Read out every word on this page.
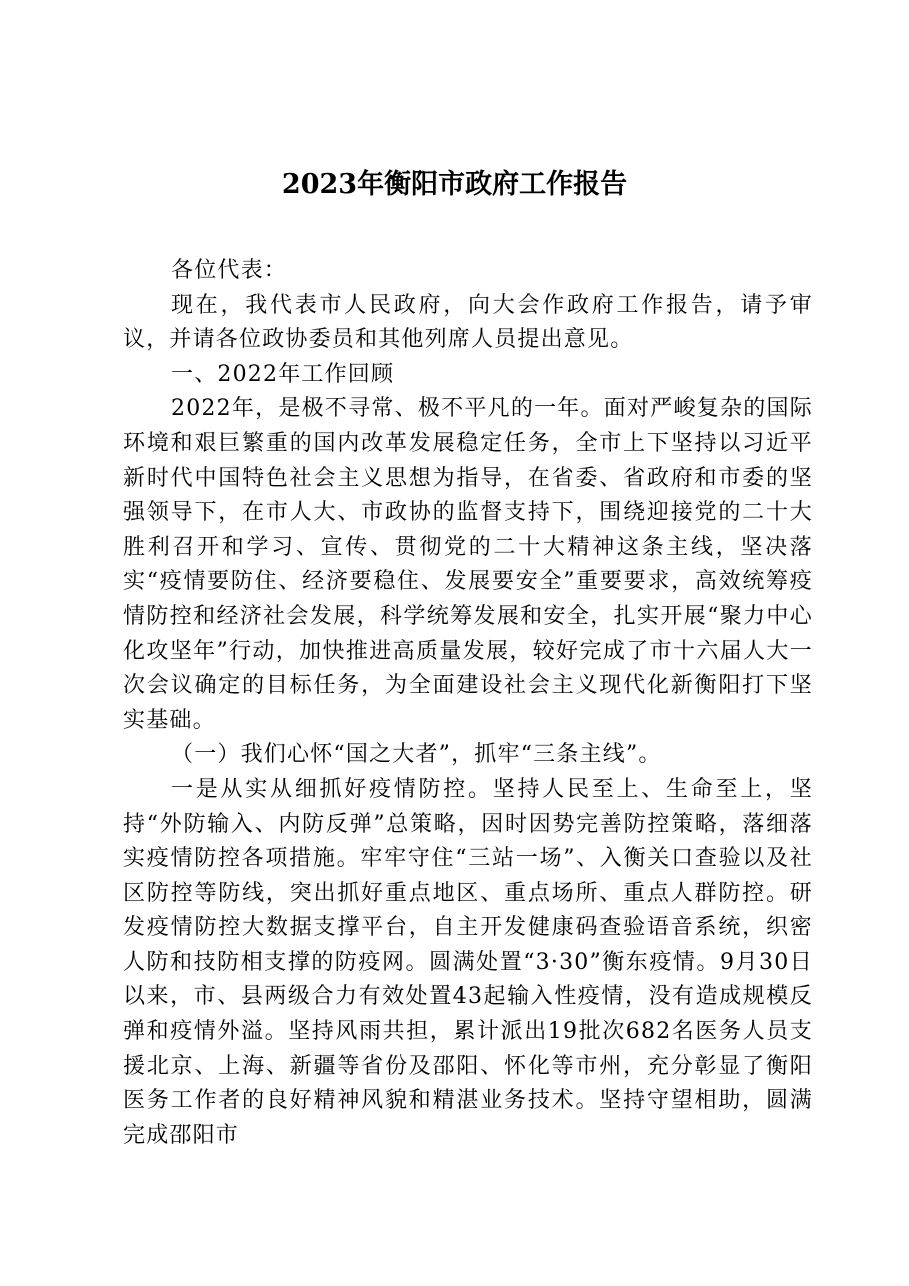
2023年衡阳市政府工作报告

各位代表：

现在，我代表市人民政府，向大会作政府工作报告，请予审议，并请各位政协委员和其他列席人员提出意见。

一、2022年工作回顾

2022年，是极不寻常、极不平凡的一年。面对严峻复杂的国际环境和艰巨繁重的国内改革发展稳定任务，全市上下坚持以习近平新时代中国特色社会主义思想为指导，在省委、省政府和市委的坚强领导下，在市人大、市政协的监督支持下，围绕迎接党的二十大胜利召开和学习、宣传、贯彻党的二十大精神这条主线，坚决落实“疫情要防住、经济要稳住、发展要安全”重要要求，高效统筹疫情防控和经济社会发展，科学统筹发展和安全，扎实开展“聚力中心化攻坚年”行动，加快推进高质量发展，较好完成了市十六届人大一次会议确定的目标任务，为全面建设社会主义现代化新衡阳打下坚实基础。

（一）我们心怀“国之大者”，抓牢“三条主线”。

一是从实从细抓好疫情防控。坚持人民至上、生命至上，坚持“外防输入、内防反弹”总策略，因时因势完善防控策略，落细落实疫情防控各项措施。牢牢守住“三站一场”、入衡关口查验以及社区防控等防线，突出抓好重点地区、重点场所、重点人群防控。研发疫情防控大数据支撑平台，自主开发健康码查验语音系统，织密人防和技防相支撑的防疫网。圆满处置“3·30”衡东疫情。9月30日以来，市、县两级合力有效处置43起输入性疫情，没有造成规模反弹和疫情外溢。坚持风雨共担，累计派出19批次682名医务人员支援北京、上海、新疆等省份及邵阳、怀化等市州，充分彰显了衡阳医务工作者的良好精神风貌和精湛业务技术。坚持守望相助，圆满完成邵阳市
